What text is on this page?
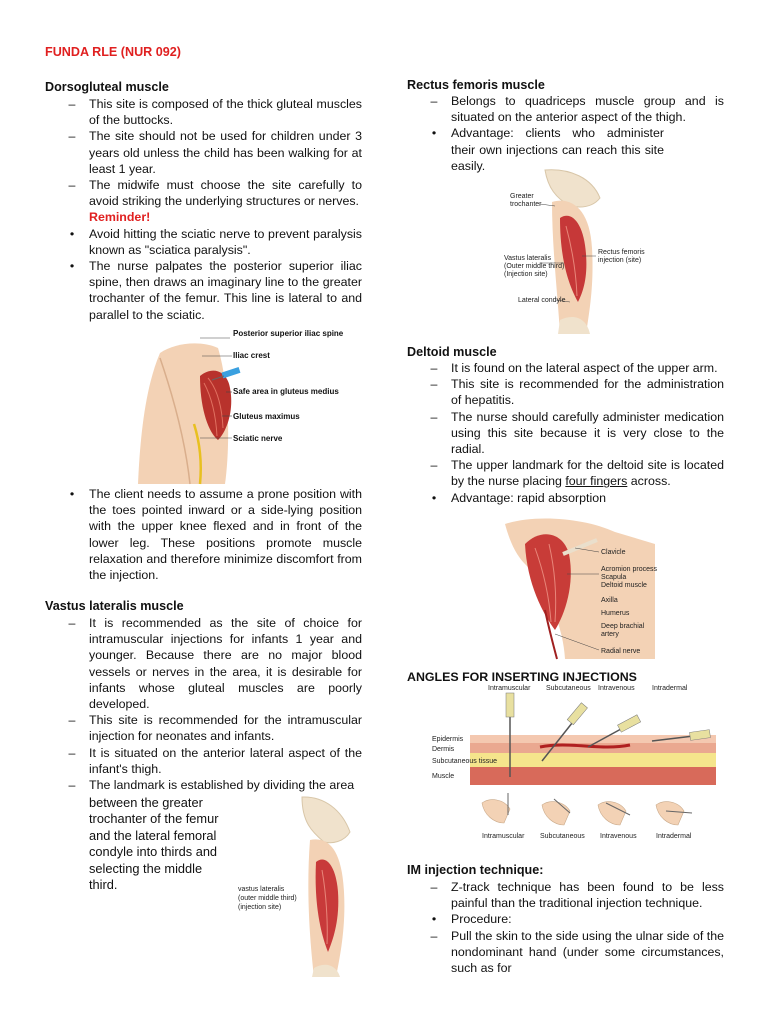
FUNDA RLE (NUR 092)
Dorsogluteal muscle
– This site is composed of the thick gluteal muscles of the buttocks.
– The site should not be used for children under 3 years old unless the child has been walking for at least 1 year.
– The midwife must choose the site carefully to avoid striking the underlying structures or nerves.
Reminder!
•	Avoid hitting the sciatic nerve to prevent paralysis known as "sciatica paralysis".
•	The nurse palpates the posterior superior iliac spine, then draws an imaginary line to the greater trochanter of the femur. This line is lateral to and parallel to the sciatic.
Posterior superior iliac spine
Iliac crest
Safe area in gluteus medius
Gluteus maximus
Sciatic nerve
•	The client needs to assume a prone position with the toes pointed inward or a side-lying position with the upper knee flexed and in front of the lower leg. These positions promote muscle relaxation and therefore minimize discomfort from the injection.
Vastus lateralis muscle
– It is recommended as the site of choice for intramuscular injections for infants 1 year and younger. Because there are no major blood vessels or nerves in the area, it is desirable for infants whose gluteal muscles are poorly developed.
– This site is recommended for the intramuscular injection for neonates and infants.
– It is situated on the anterior lateral aspect of the infant's thigh.
– The landmark is established by dividing the area
between the greater
trochanter of the femur
and the lateral femoral
condyle into thirds and
selecting the middle
third.	vastus lateralis
(outer middle third)
(injection site)
Rectus femoris muscle
– Belongs to quadriceps muscle group and is situated on the anterior aspect of the thigh.
•	Advantage: clients who administer their own injections can reach this site easily.
Greater
trochanter
Vastus lateralis
(Outer middle third)
(Injection site)
Rectus femoris
injection (site)
Lateral condyle
Deltoid muscle
– It is found on the lateral aspect of the upper arm.
– This site is recommended for the administration of hepatitis.
– The nurse should carefully administer medication using this site because it is very close to the radial.
– The upper landmark for the deltoid site is located by the nurse placing four fingers across.
•	Advantage: rapid absorption
Clavicle
Acromion process
Scapula
Deltoid muscle
Axilla
Humerus
Deep brachial
artery
Radial nerve
ANGLES FOR INSERTING INJECTIONS
Intramuscular Subcutaneous Intravenous Intradermal
Epidermis
Dermis
Subcutaneous tissue
Muscle
Intramuscular Subcutaneous Intravenous	Intradermal
IM injection technique:
– Z-track technique has been found to be less painful than the traditional injection technique.
•	Procedure:
– Pull the skin to the side using the ulnar side of the nondominant hand (under some circumstances, such as for
